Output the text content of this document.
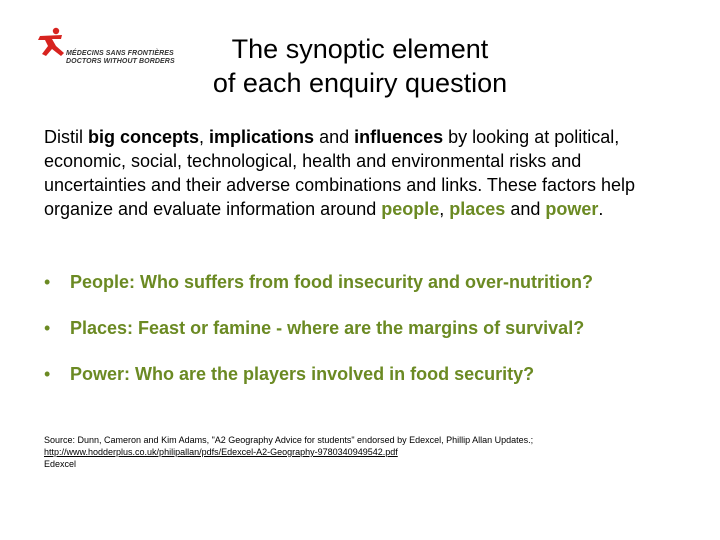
MÉDECINS SANS FRONTIÈRES
DOCTORS WITHOUT BORDERS	The synoptic element
of each enquiry question
Distil big concepts, implications and influences by looking at political, economic, social, technological, health and environmental risks and uncertainties and their adverse combinations and links. These factors help organize and evaluate information around people, places and power.
• People: Who suffers from food insecurity and over-nutrition?
• Places: Feast or famine - where are the margins of survival?
• Power: Who are the players involved in food security?
Source: Dunn, Cameron and Kim Adams, "A2 Geography Advice for students" endorsed by Edexcel, Phillip Allan Updates.; http://www.hodderplus.co.uk/philipallan/pdfs/Edexcel-A2-Geography-9780340949542.pdf
Edexcel
